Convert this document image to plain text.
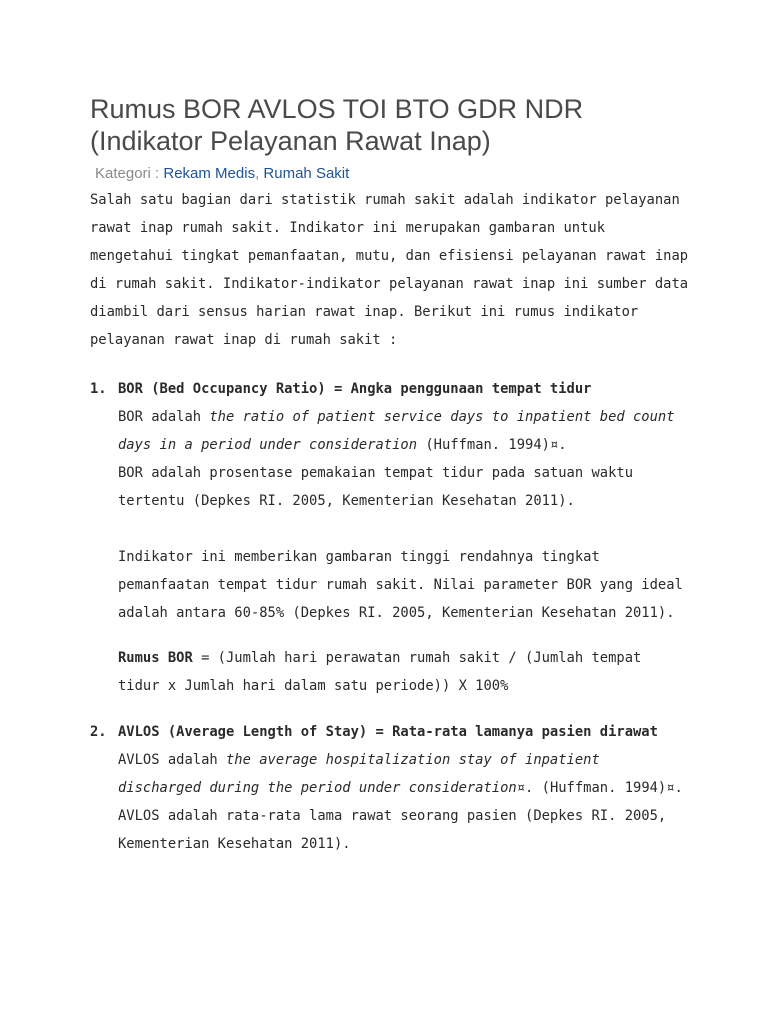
Rumus BOR AVLOS TOI BTO GDR NDR (Indikator Pelayanan Rawat Inap)
Kategori : Rekam Medis, Rumah Sakit
Salah satu bagian dari statistik rumah sakit adalah indikator pelayanan rawat inap rumah sakit. Indikator ini merupakan gambaran untuk mengetahui tingkat pemanfaatan, mutu, dan efisiensi pelayanan rawat inap di rumah sakit. Indikator-indikator pelayanan rawat inap ini sumber data diambil dari sensus harian rawat inap. Berikut ini rumus indikator pelayanan rawat inap di rumah sakit :
1. BOR (Bed Occupancy Ratio) = Angka penggunaan tempat tidur
BOR adalah the ratio of patient service days to inpatient bed count days in a period under consideration (Huffman. 1994)¤.
BOR adalah prosentase pemakaian tempat tidur pada satuan waktu tertentu (Depkes RI. 2005, Kementerian Kesehatan 2011).
Indikator ini memberikan gambaran tinggi rendahnya tingkat pemanfaatan tempat tidur rumah sakit. Nilai parameter BOR yang ideal adalah antara 60-85% (Depkes RI. 2005, Kementerian Kesehatan 2011).
Rumus BOR = (Jumlah hari perawatan rumah sakit / (Jumlah tempat tidur x Jumlah hari dalam satu periode)) X 100%
2. AVLOS (Average Length of Stay) = Rata-rata lamanya pasien dirawat
AVLOS adalah the average hospitalization stay of inpatient discharged during the period under consideration¤. (Huffman. 1994)¤.
AVLOS adalah rata-rata lama rawat seorang pasien (Depkes RI. 2005, Kementerian Kesehatan 2011).
